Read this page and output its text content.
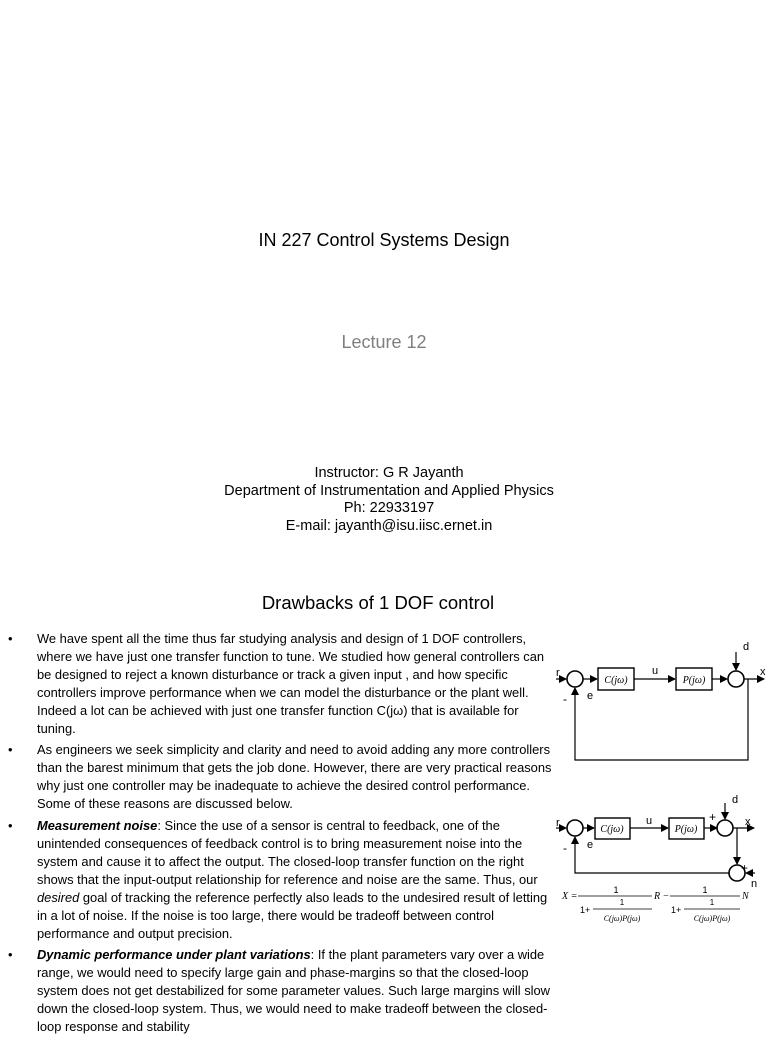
IN 227 Control Systems Design
Lecture 12
Instructor: G R Jayanth
Department of Instrumentation and Applied Physics
Ph: 22933197
E-mail: jayanth@isu.iisc.ernet.in
Drawbacks of 1 DOF control
• We have spent all the time thus far studying analysis and design of 1 DOF controllers, where we have just one transfer function to tune. We studied how general controllers can be designed to reject a known disturbance or track a given input , and how specific controllers improve performance when we can model the disturbance or the plant well. Indeed a lot can be achieved with just one transfer function C(jω) that is available for tuning.

• As engineers we seek simplicity and clarity and need to avoid adding any more controllers than the barest minimum that gets the job done. However, there are very practical reasons why just one controller may be inadequate to achieve the desired control performance. Some of these reasons are discussed below.

• Measurement noise: Since the use of a sensor is central to feedback, one of the unintended consequences of feedback control is to bring measurement noise into the system and cause it to affect the output. The closed-loop transfer function on the right shows that the input-output relationship for reference and noise are the same. Thus, our desired goal of tracking the reference perfectly also leads to the undesired result of letting in a lot of noise. If the noise is too large, there would be tradeoff between control performance and output precision.

• Dynamic performance under plant variations: If the plant parameters vary over a wide range, we would need to specify large gain and phase-margins so that the closed-loop system does not get destabilized for some parameter values. Such large margins will slow down the closed-loop system. Thus, we would need to make tradeoff between the closed-loop response and stability

r
- e
u
d
x
C(jω)	P(jω)
r
- e
u
d
+	x
+
n
C(jω)	P(jω)
X =
1
1+
1
C(jω)P(jω)
R −
1
1+
1
C(jω)P(jω)
N
